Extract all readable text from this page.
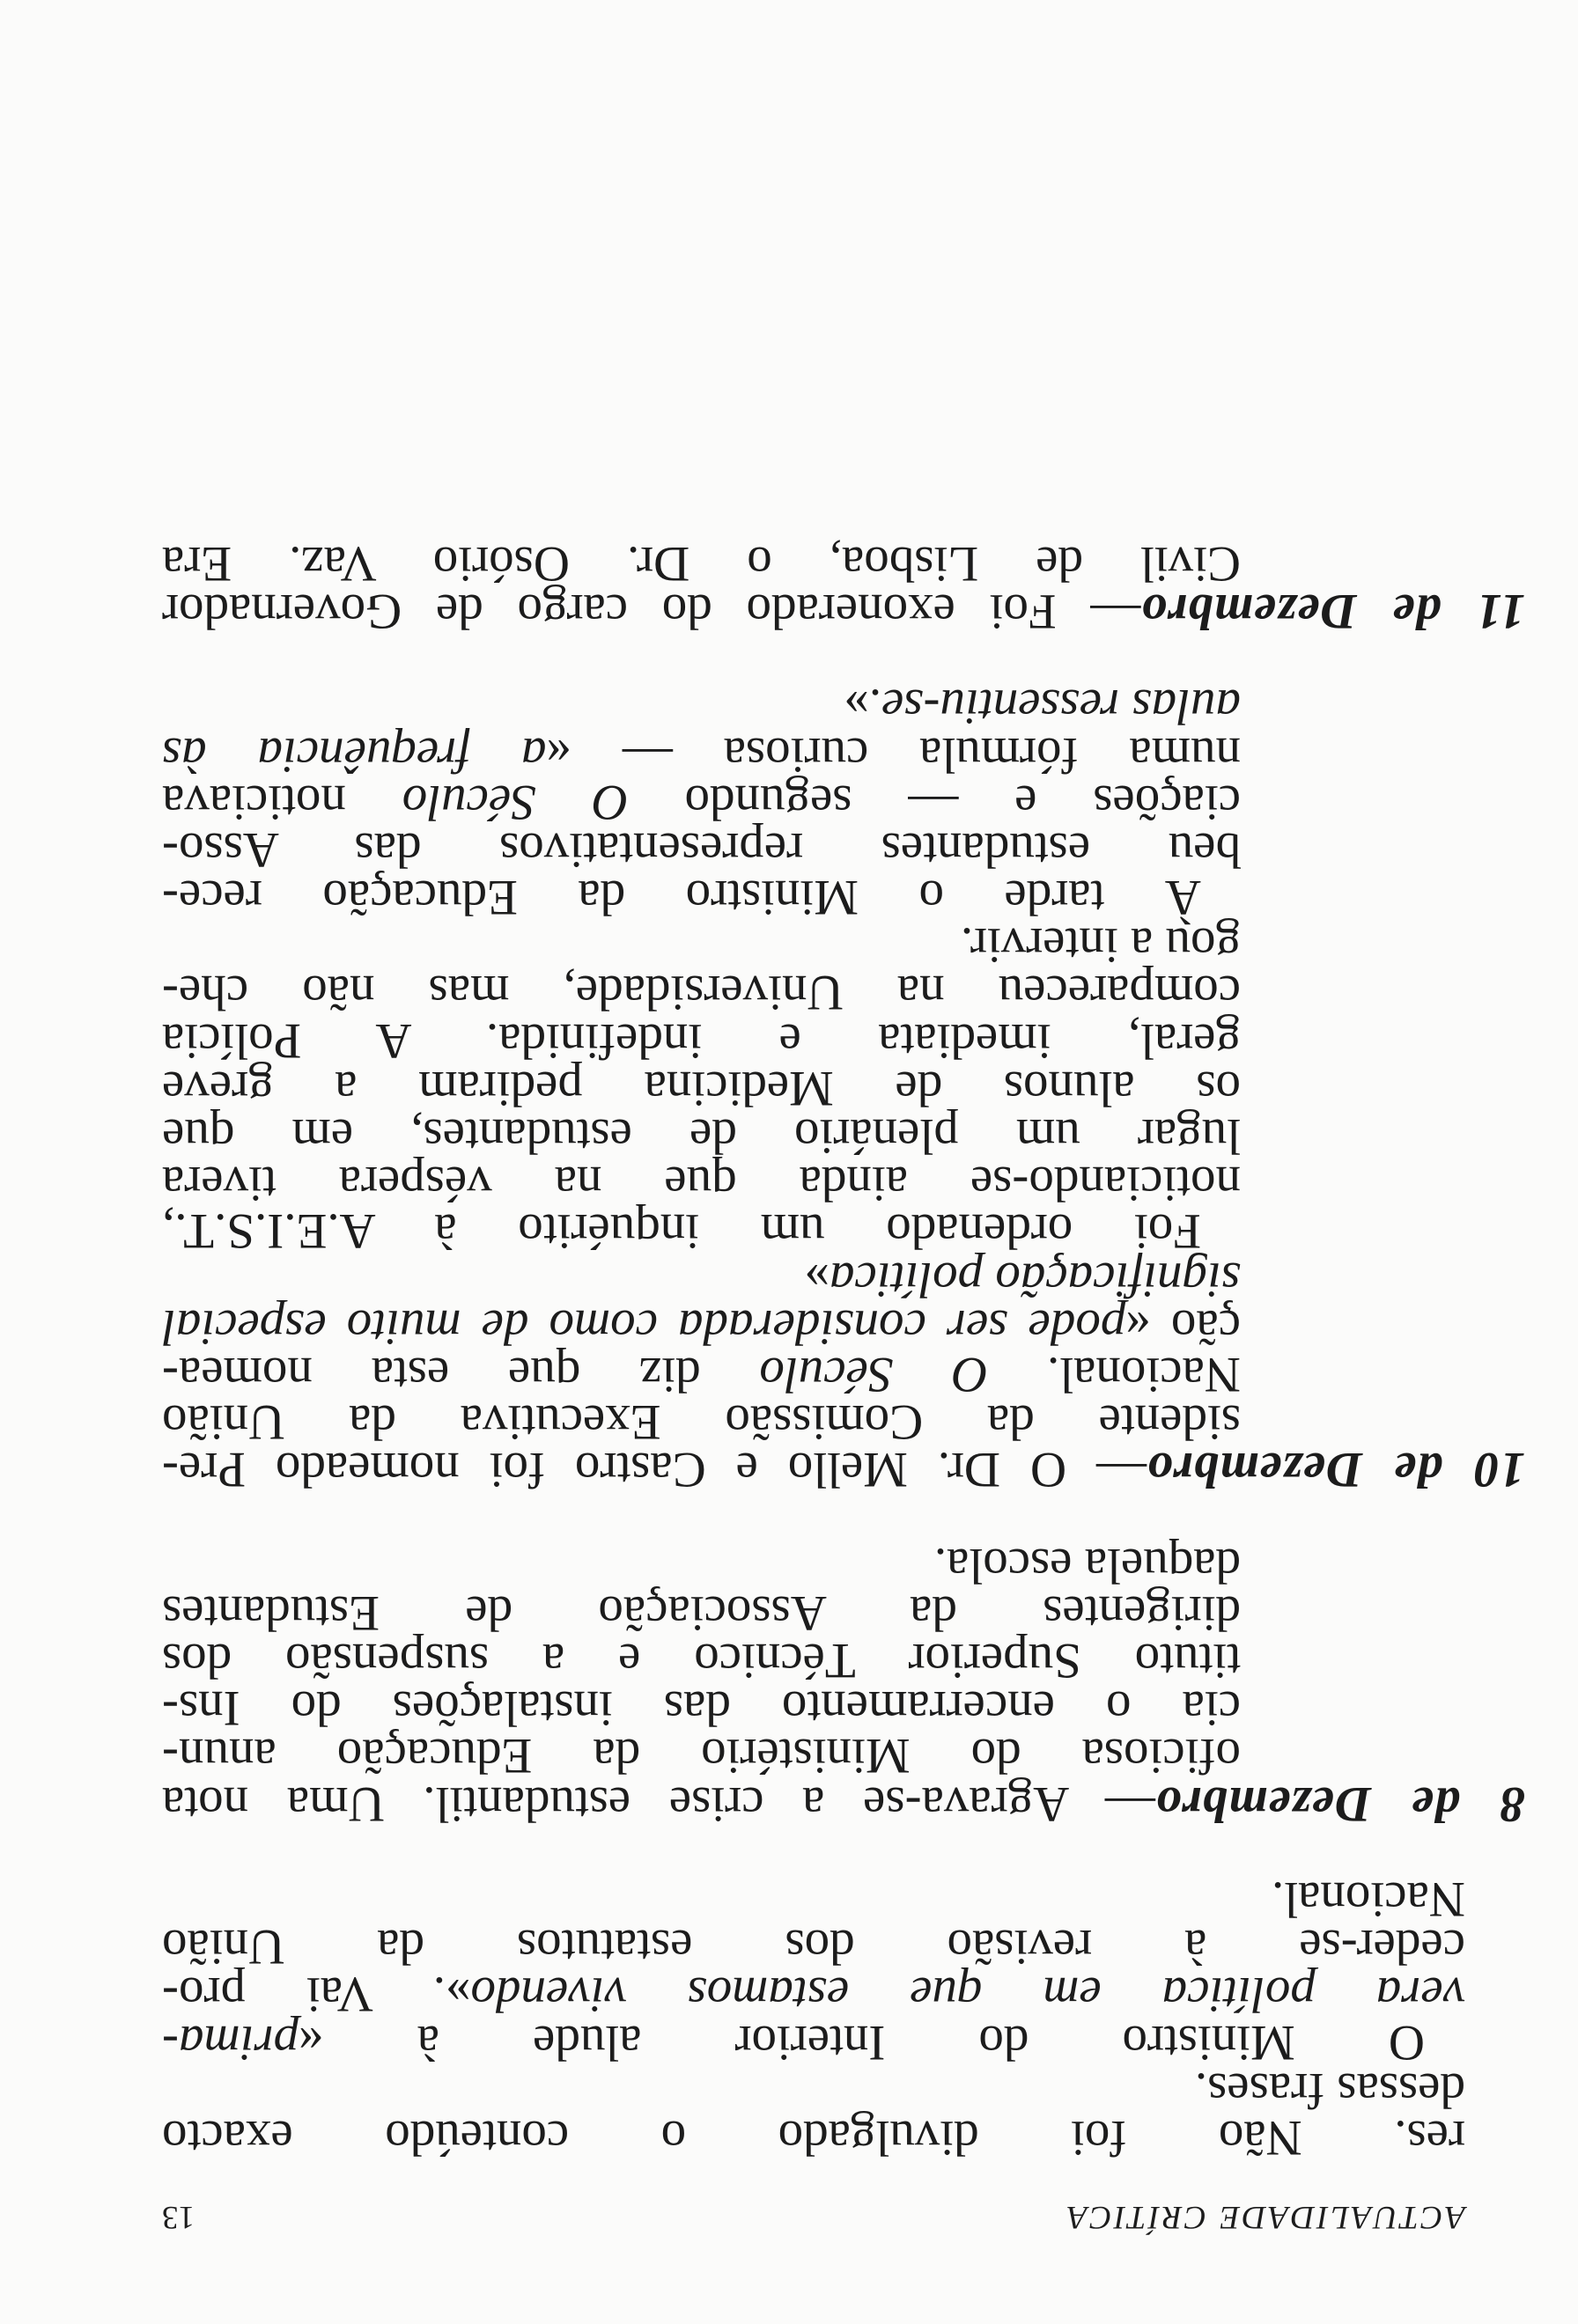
ACTUALIDADE CRÍTICA
13
res. Não foi divulgado o conteúdo exacto
dessas frases.
O Ministro do Interior alude à «prima-
vera política em que estamos vivendo». Vai pro-
ceder-se à revisão dos estatutos da União
Nacional.
8 de Dezembro— Agrava-se a crise estudantil. Uma nota
oficiosa do Ministério da Educação anun-
cia o encerramento das instalações do Ins-
tituto Superior Técnico e a suspensão dos
dirigentes da Associação de Estudantes
daquela escola.
10 de Dezembro— O Dr. Mello e Castro foi nomeado Pre-
sidente da Comissão Executiva da União
Nacional. O Século diz que esta nomea-
ção «pode ser considerada como de muito especial
significação política»
Foi ordenado um inquérito à A.E.I.S.T.,
noticiando-se ainda que na véspera tivera
lugar um plenário de estudantes, em que
os alunos de Medicina pediram a greve
geral, imediata e indefinida. A Polícia
compareceu na Universidade, mas não che-
gou a intervir.
À tarde o Ministro da Educação rece-
beu estudantes representativos das Asso-
ciações e — segundo O Século noticiava
numa fórmula curiosa — «a frequência às
aulas ressentiu-se.»
11 de Dezembro— Foi exonerado do cargo de Governador
Civil de Lisboa, o Dr. Osório Vaz. Era
